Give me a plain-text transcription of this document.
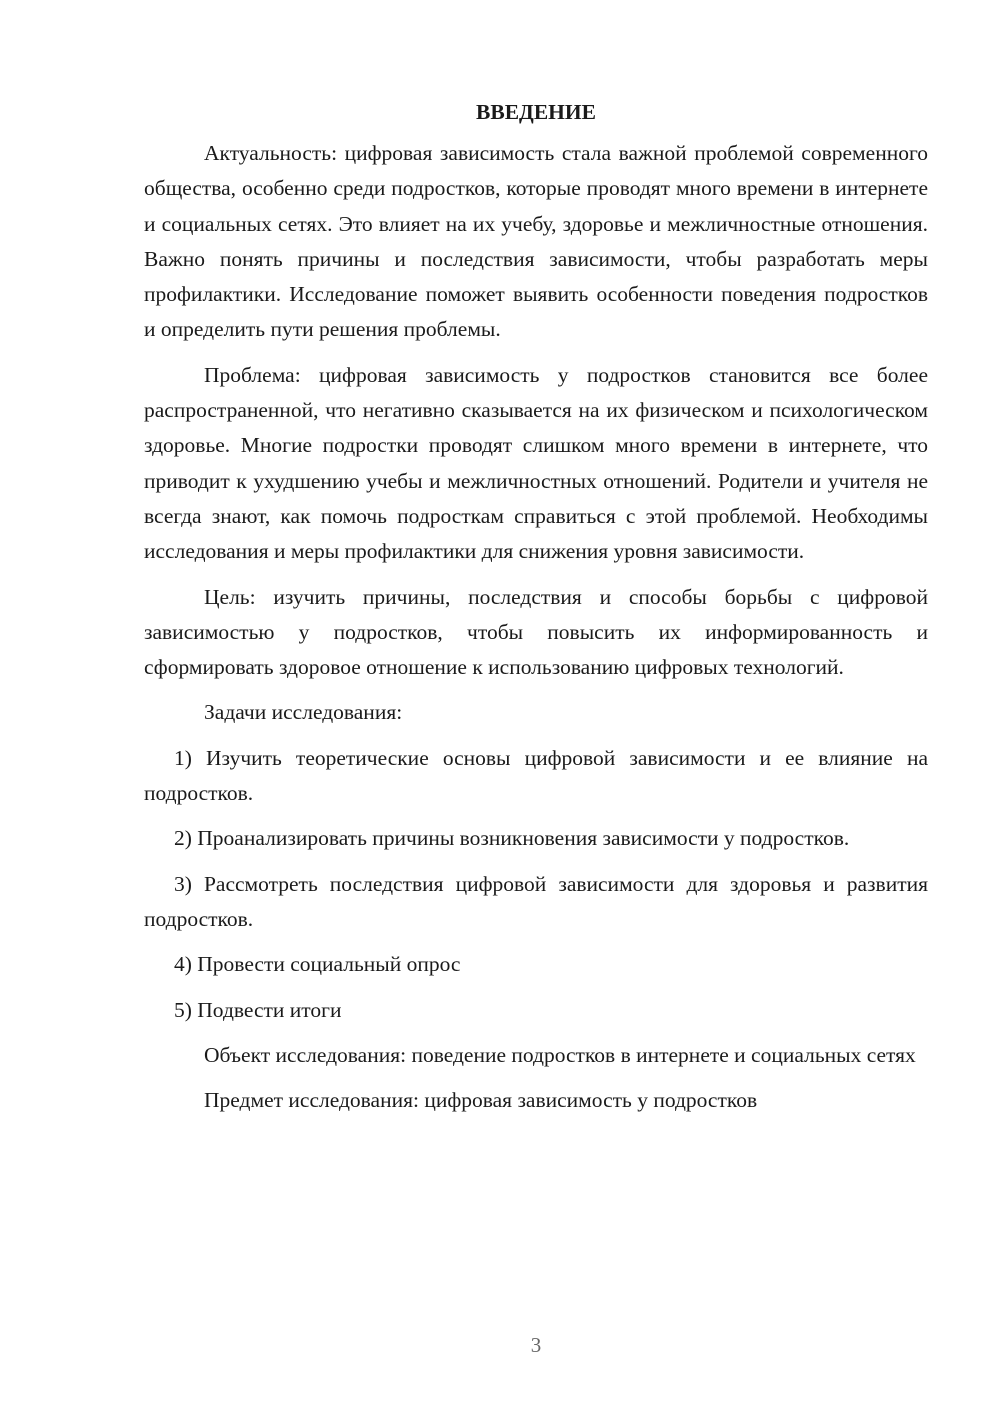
ВВЕДЕНИЕ

Актуальность: цифровая зависимость стала важной проблемой современного общества, особенно среди подростков, которые проводят много времени в интернете и социальных сетях. Это влияет на их учебу, здоровье и межличностные отношения. Важно понять причины и последствия зависимости, чтобы разработать меры профилактики. Исследование поможет выявить особенности поведения подростков и определить пути решения проблемы.

Проблема: цифровая зависимость у подростков становится все более распространенной, что негативно сказывается на их физическом и психологическом здоровье. Многие подростки проводят слишком много времени в интернете, что приводит к ухудшению учебы и межличностных отношений. Родители и учителя не всегда знают, как помочь подросткам справиться с этой проблемой. Необходимы исследования и меры профилактики для снижения уровня зависимости.

Цель: изучить причины, последствия и способы борьбы с цифровой зависимостью у подростков, чтобы повысить их информированность и сформировать здоровое отношение к использованию цифровых технологий.

Задачи исследования:

1) Изучить теоретические основы цифровой зависимости и ее влияние на подростков.

2) Проанализировать причины возникновения зависимости у подростков.

3) Рассмотреть последствия цифровой зависимости для здоровья и развития подростков.

4) Провести социальный опрос

5) Подвести итоги

Объект исследования: поведение подростков в интернете и социальных сетях

Предмет исследования: цифровая зависимость у подростков

3
